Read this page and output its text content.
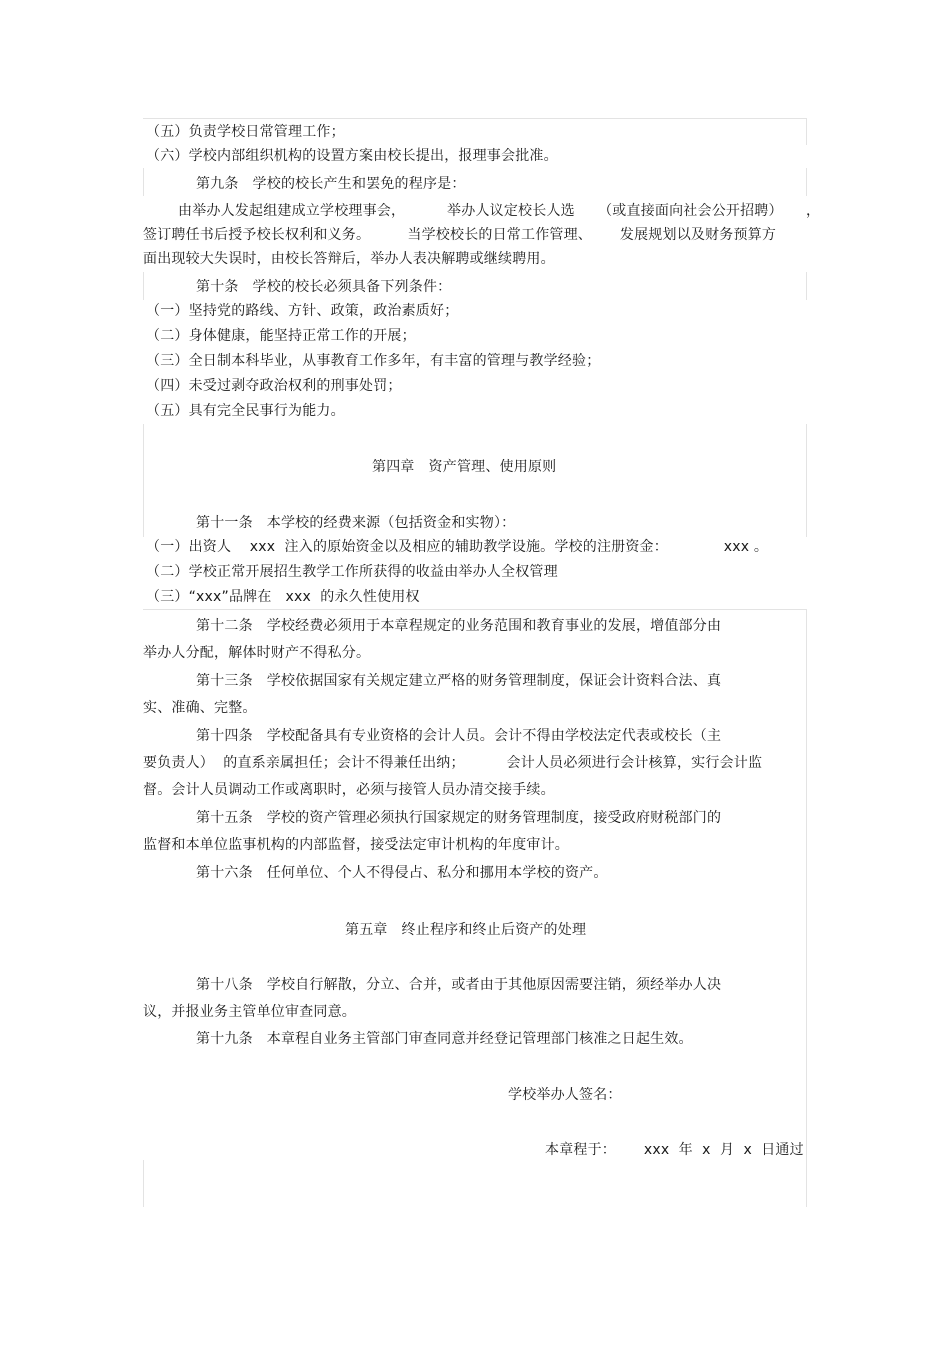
（五）负责学校日常管理工作；
（六）学校内部组织机构的设置方案由校长提出，报理事会批准。
第九条   学校的校长产生和罢免的程序是：
由举办人发起组建成立学校理事会，         举办人议定校长人选     （或直接面向社会公开招聘）     ，
签订聘任书后授予校长权利和义务。        当学校校长的日常工作管理、      发展规划以及财务预算方
面出现较大失误时，由校长答辩后，举办人表决解聘或继续聘用。
第十条   学校的校长必须具备下列条件：
（一）坚持党的路线、方针、政策，政治素质好；
（二）身体健康，能坚持正常工作的开展；
（三）全日制本科毕业，从事教育工作多年，有丰富的管理与教学经验；
（四）未受过剥夺政治权利的刑事处罚；
（五）具有完全民事行为能力。
第四章   资产管理、使用原则
第十一条   本学校的经费来源（包括资金和实物）：
（一）出资人    xxx  注入的原始资金以及相应的辅助教学设施。学校的注册资金：            xxx 。
（二）学校正常开展招生教学工作所获得的收益由举办人全权管理
（三）“xxx”品牌在   xxx  的永久性使用权
第十二条   学校经费必须用于本章程规定的业务范围和教育事业的发展，增值部分由
举办人分配，解体时财产不得私分。
第十三条   学校依据国家有关规定建立严格的财务管理制度，保证会计资料合法、真
实、准确、完整。
第十四条   学校配备具有专业资格的会计人员。会计不得由学校法定代表或校长（主
要负责人）  的直系亲属担任；会计不得兼任出纳；         会计人员必须进行会计核算，实行会计监
督。会计人员调动工作或离职时，必须与接管人员办清交接手续。
第十五条   学校的资产管理必须执行国家规定的财务管理制度，接受政府财税部门的
监督和本单位监事机构的内部监督，接受法定审计机构的年度审计。
第十六条   任何单位、个人不得侵占、私分和挪用本学校的资产。
第五章   终止程序和终止后资产的处理
第十八条   学校自行解散，分立、合并，或者由于其他原因需要注销，须经举办人决
议，并报业务主管单位审查同意。
第十九条   本章程自业务主管部门审查同意并经登记管理部门核准之日起生效。
学校举办人签名：
本章程于：      xxx  年  x  月  x  日通过
